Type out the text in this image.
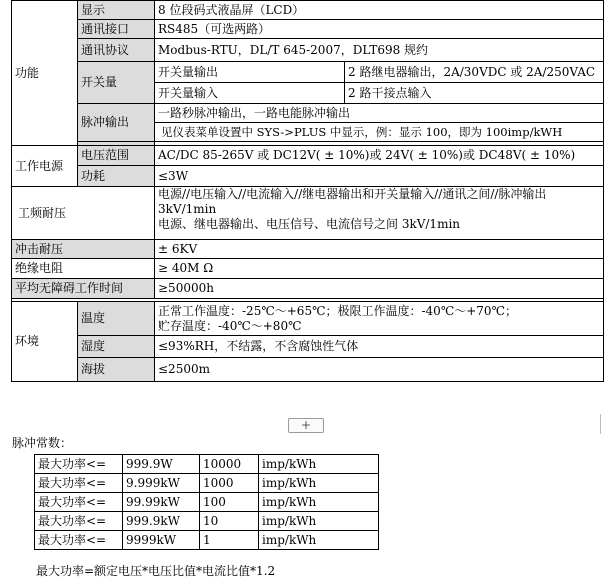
功能	显示	8 位段码式液晶屏（LCD）	
	通讯接口	RS485（可选两路）	
	通讯协议	Modbus-RTU，DL/T 645-2007，DLT698 规约	
	开关量	开关量输出	2 路继电器输出，2A/30VDC 或 2A/250VAC
		开关量输入	2 路干接点输入
	脉冲输出	一路秒脉冲输出，一路电能脉冲输出	
		见仪表菜单设置中 SYS->PLUS 中显示，例：显示 100，即为 100imp/kWH	

工作电源	电压范围	AC/DC 85-265V 或 DC12V( ± 10%)或 24V( ± 10%)或 DC48V( ± 10%)	
	功耗	≤3W	
工频耐压		电源//电压输入//电流输入//继电器输出和开关量输入//通讯之间//脉冲输出
3kV/1min
电源、继电器输出、电压信号、电流信号之间 3kV/1min	

冲击耐压		± 6KV	
绝缘电阻		≥ 40M Ω	
平均无障碍工作时间		≥50000h	

环境	温度	正常工作温度：-25℃～+65℃；极限工作温度：-40℃～+70℃；
贮存温度：-40℃～+80℃	

	湿度	≤93%RH，不结露，不含腐蚀性气体	
	海拔	≤2500m	
+
脉冲常数：
最大功率<=	999.9W	10000	imp/kWh
最大功率<=	9.999kW	1000	imp/kWh
最大功率<=	99.99kW	100	imp/kWh
最大功率<=	999.9kW	10	imp/kWh
最大功率<=	9999kW	1	imp/kWh
最大功率=额定电压*电压比值*电流比值*1.2
